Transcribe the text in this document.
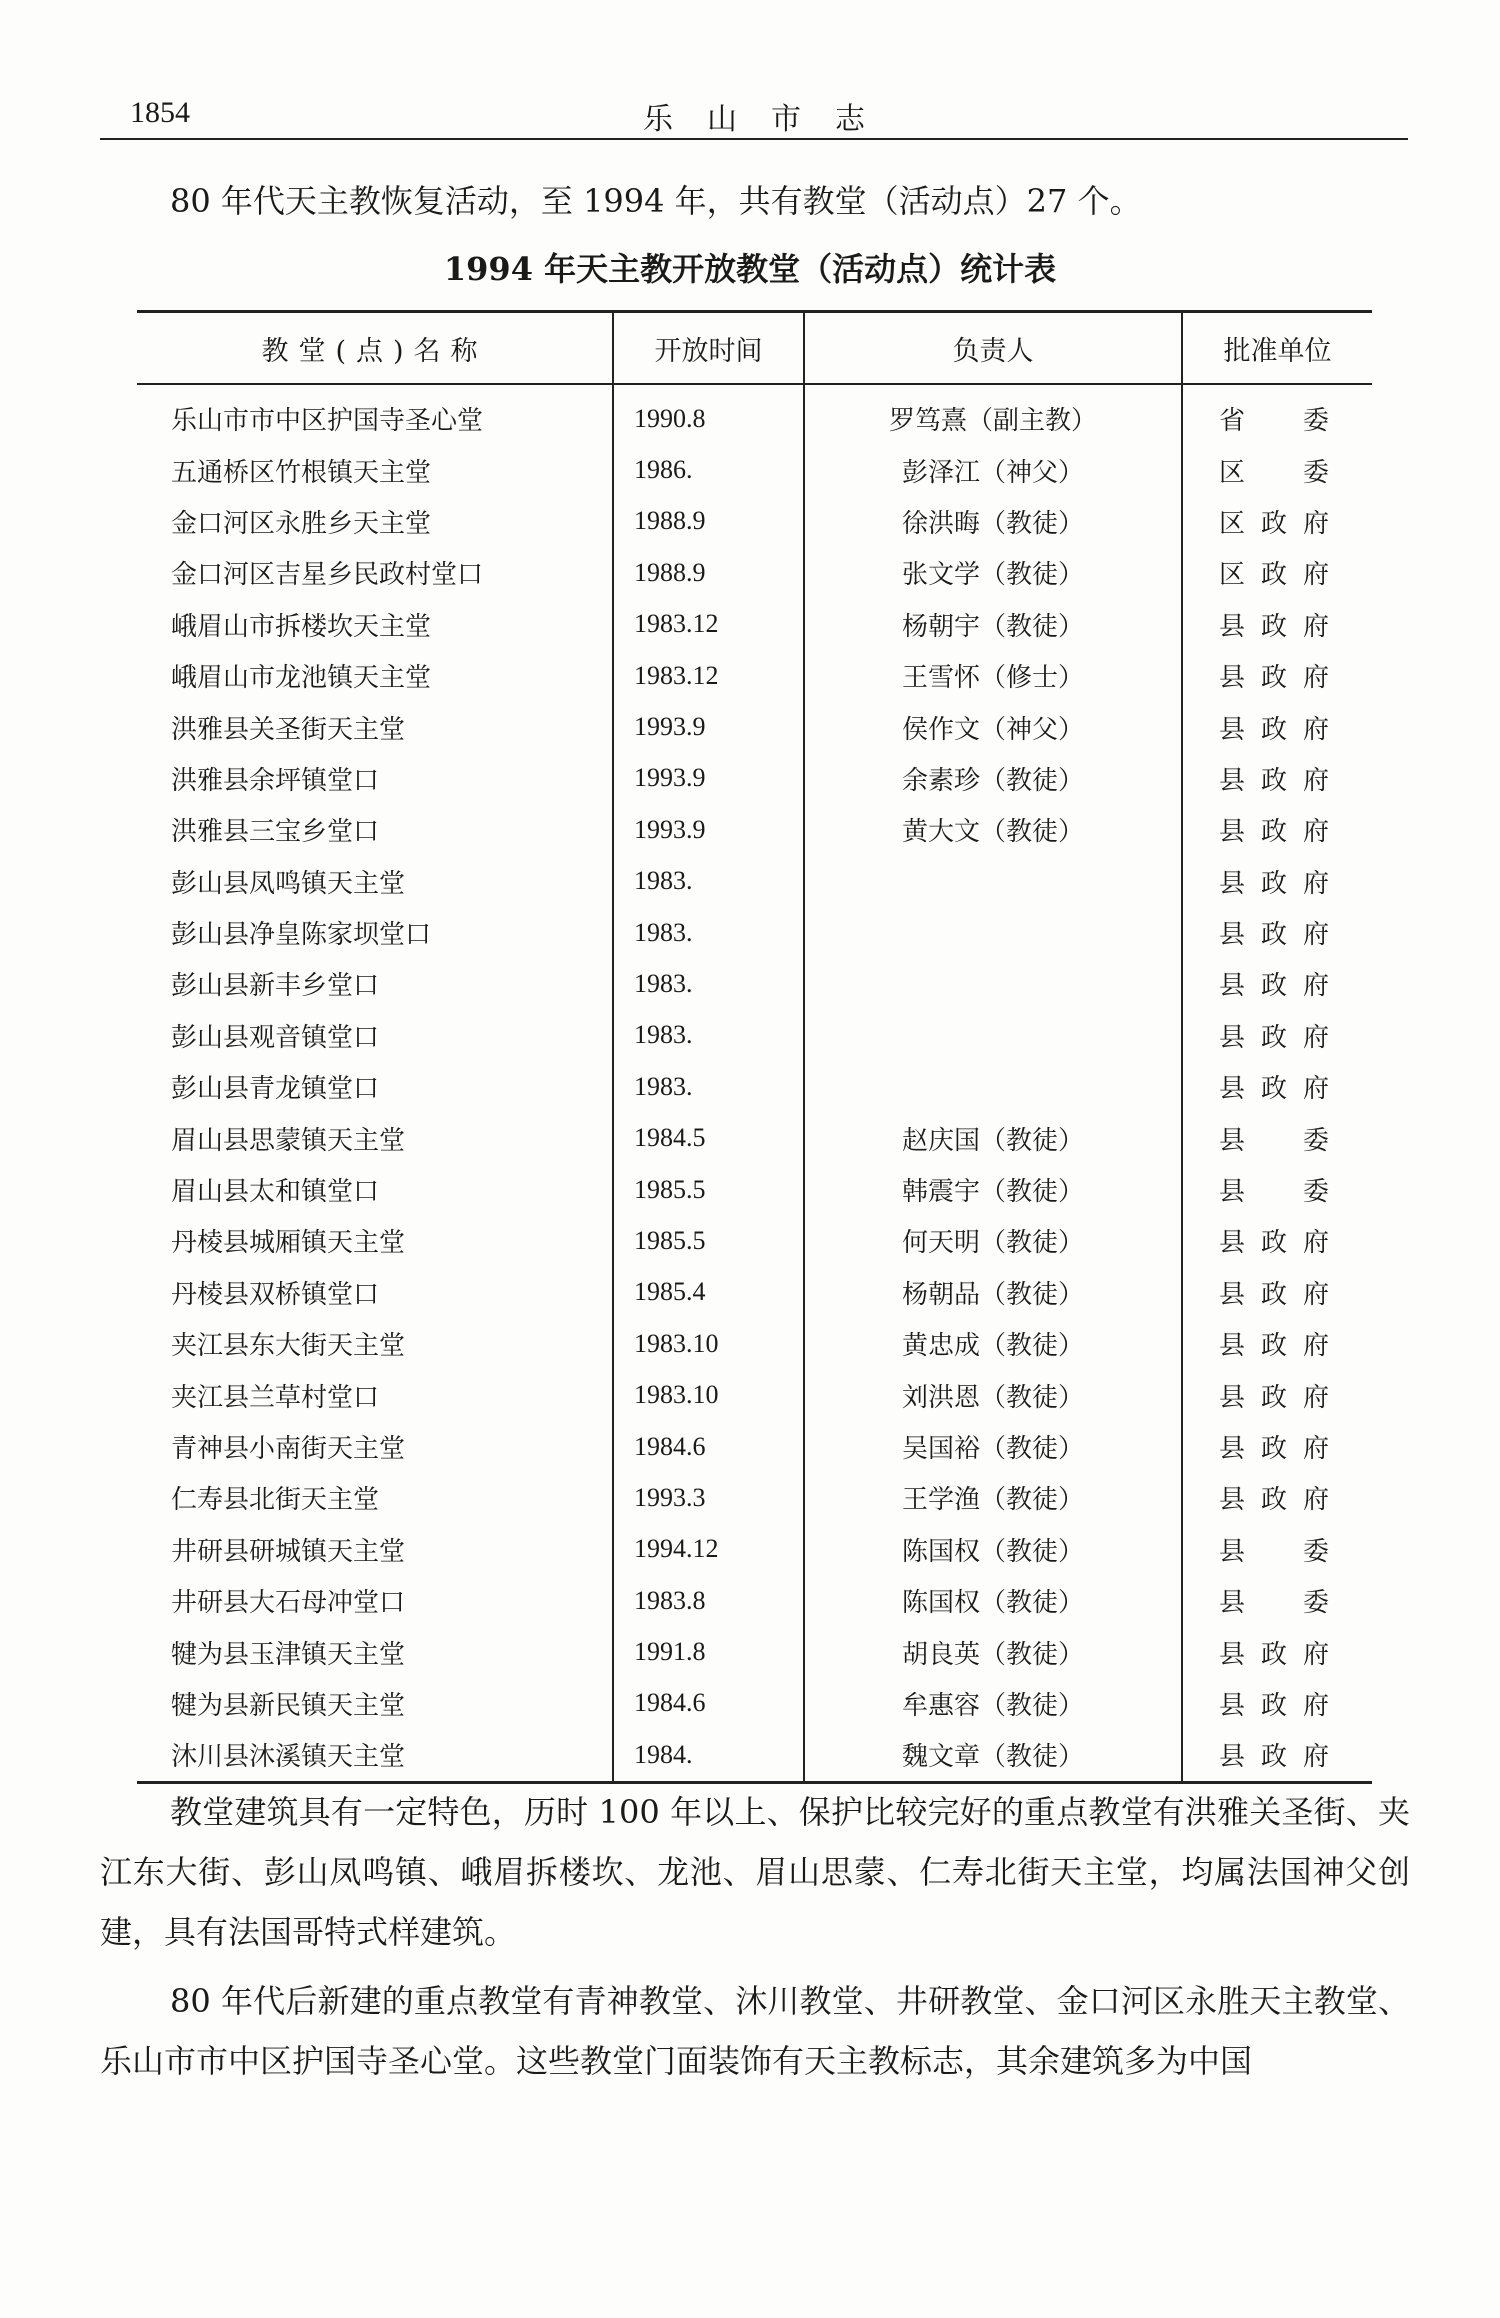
1854	乐山市志
80 年代天主教恢复活动，至 1994 年，共有教堂（活动点）27 个。
1994 年天主教开放教堂（活动点）统计表
教堂(点)名称	开放时间	负责人	批准单位
乐山市市中区护国寺圣心堂	1990.8	罗笃熹（副主教）	省委
五通桥区竹根镇天主堂	1986.	彭泽江（神父）	区委
金口河区永胜乡天主堂	1988.9	徐洪晦（教徒）	区政府
金口河区吉星乡民政村堂口	1988.9	张文学（教徒）	区政府
峨眉山市拆楼坎天主堂	1983.12	杨朝宇（教徒）	县政府
峨眉山市龙池镇天主堂	1983.12	王雪怀（修士）	县政府
洪雅县关圣街天主堂	1993.9	侯作文（神父）	县政府
洪雅县余坪镇堂口	1993.9	余素珍（教徒）	县政府
洪雅县三宝乡堂口	1993.9	黄大文（教徒）	县政府
彭山县凤鸣镇天主堂	1983.		县政府
彭山县净皇陈家坝堂口	1983.		县政府
彭山县新丰乡堂口	1983.		县政府
彭山县观音镇堂口	1983.		县政府
彭山县青龙镇堂口	1983.		县政府
眉山县思蒙镇天主堂	1984.5	赵庆国（教徒）	县委
眉山县太和镇堂口	1985.5	韩震宇（教徒）	县委
丹棱县城厢镇天主堂	1985.5	何天明（教徒）	县政府
丹棱县双桥镇堂口	1985.4	杨朝品（教徒）	县政府
夹江县东大街天主堂	1983.10	黄忠成（教徒）	县政府
夹江县兰草村堂口	1983.10	刘洪恩（教徒）	县政府
青神县小南街天主堂	1984.6	吴国裕（教徒）	县政府
仁寿县北街天主堂	1993.3	王学渔（教徒）	县政府
井研县研城镇天主堂	1994.12	陈国权（教徒）	县委
井研县大石母冲堂口	1983.8	陈国权（教徒）	县委
犍为县玉津镇天主堂	1991.8	胡良英（教徒）	县政府
犍为县新民镇天主堂	1984.6	牟惠容（教徒）	县政府
沐川县沐溪镇天主堂	1984.	魏文章（教徒）	县政府
教堂建筑具有一定特色，历时 100 年以上、保护比较完好的重点教堂有洪雅关圣街、夹江东大街、彭山凤鸣镇、峨眉拆楼坎、龙池、眉山思蒙、仁寿北街天主堂，均属法国神父创建，具有法国哥特式样建筑。
80 年代后新建的重点教堂有青神教堂、沐川教堂、井研教堂、金口河区永胜天主教堂、乐山市市中区护国寺圣心堂。这些教堂门面装饰有天主教标志，其余建筑多为中国
